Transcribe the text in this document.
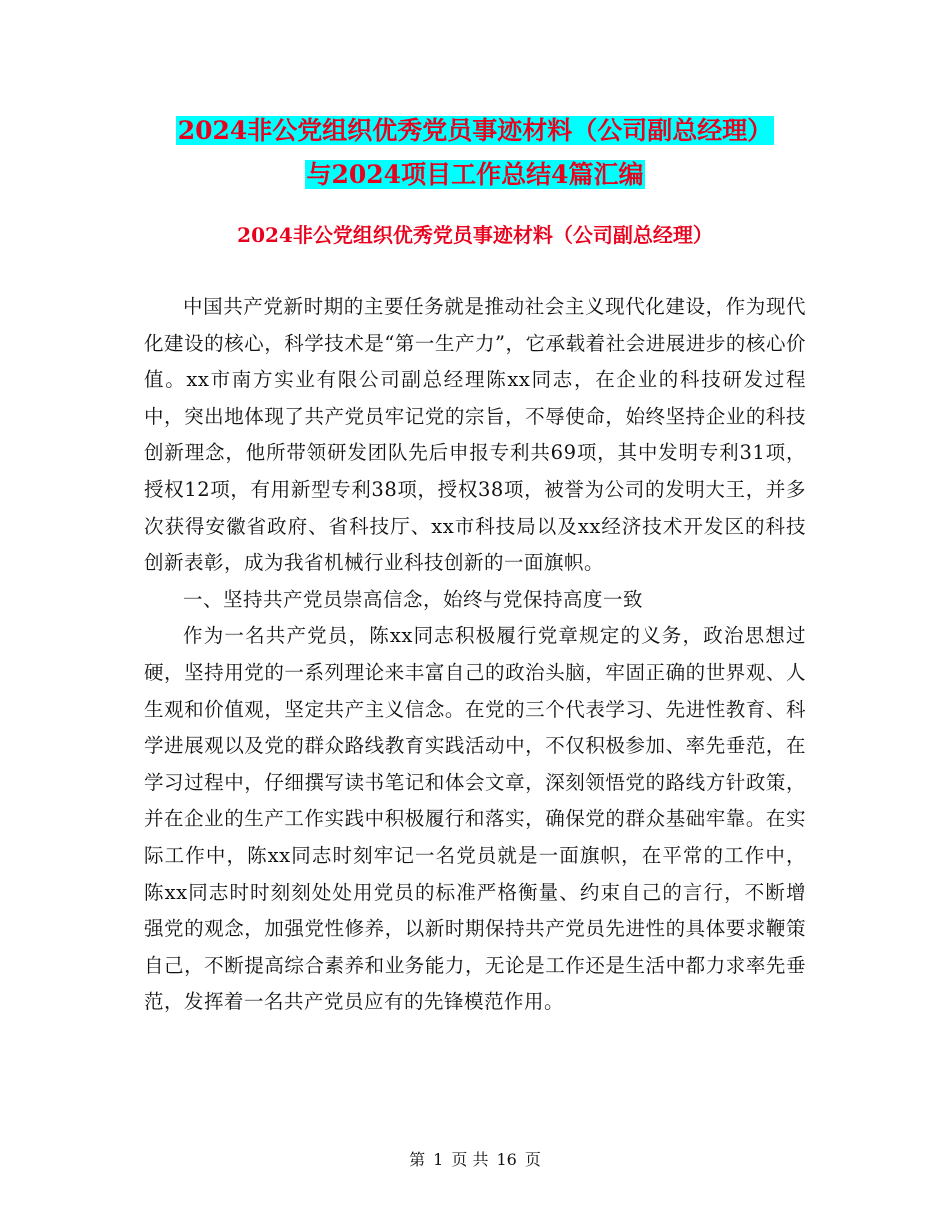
2024非公党组织优秀党员事迹材料（公司副总经理）
与2024项目工作总结4篇汇编
2024非公党组织优秀党员事迹材料（公司副总经理）

中国共产党新时期的主要任务就是推动社会主义现代化建设，作为现代化建设的核心，科学技术是“第一生产力”，它承载着社会进展进步的核心价值。xx市南方实业有限公司副总经理陈xx同志，在企业的科技研发过程中，突出地体现了共产党员牢记党的宗旨，不辱使命，始终坚持企业的科技创新理念，他所带领研发团队先后申报专利共69项，其中发明专利31项，授权12项，有用新型专利38项，授权38项，被誉为公司的发明大王，并多次获得安徽省政府、省科技厅、xx市科技局以及xx经济技术开发区的科技创新表彰，成为我省机械行业科技创新的一面旗帜。

一、坚持共产党员崇高信念，始终与党保持高度一致

作为一名共产党员，陈xx同志积极履行党章规定的义务，政治思想过硬，坚持用党的一系列理论来丰富自己的政治头脑，牢固正确的世界观、人生观和价值观，坚定共产主义信念。在党的三个代表学习、先进性教育、科学进展观以及党的群众路线教育实践活动中，不仅积极参加、率先垂范，在学习过程中，仔细撰写读书笔记和体会文章，深刻领悟党的路线方针政策，并在企业的生产工作实践中积极履行和落实，确保党的群众基础牢靠。在实际工作中，陈xx同志时刻牢记一名党员就是一面旗帜，在平常的工作中，陈xx同志时时刻刻处处用党员的标准严格衡量、约束自己的言行，不断增强党的观念，加强党性修养，以新时期保持共产党员先进性的具体要求鞭策自己，不断提高综合素养和业务能力，无论是工作还是生活中都力求率先垂范，发挥着一名共产党员应有的先锋模范作用。

第 1 页 共 16 页
